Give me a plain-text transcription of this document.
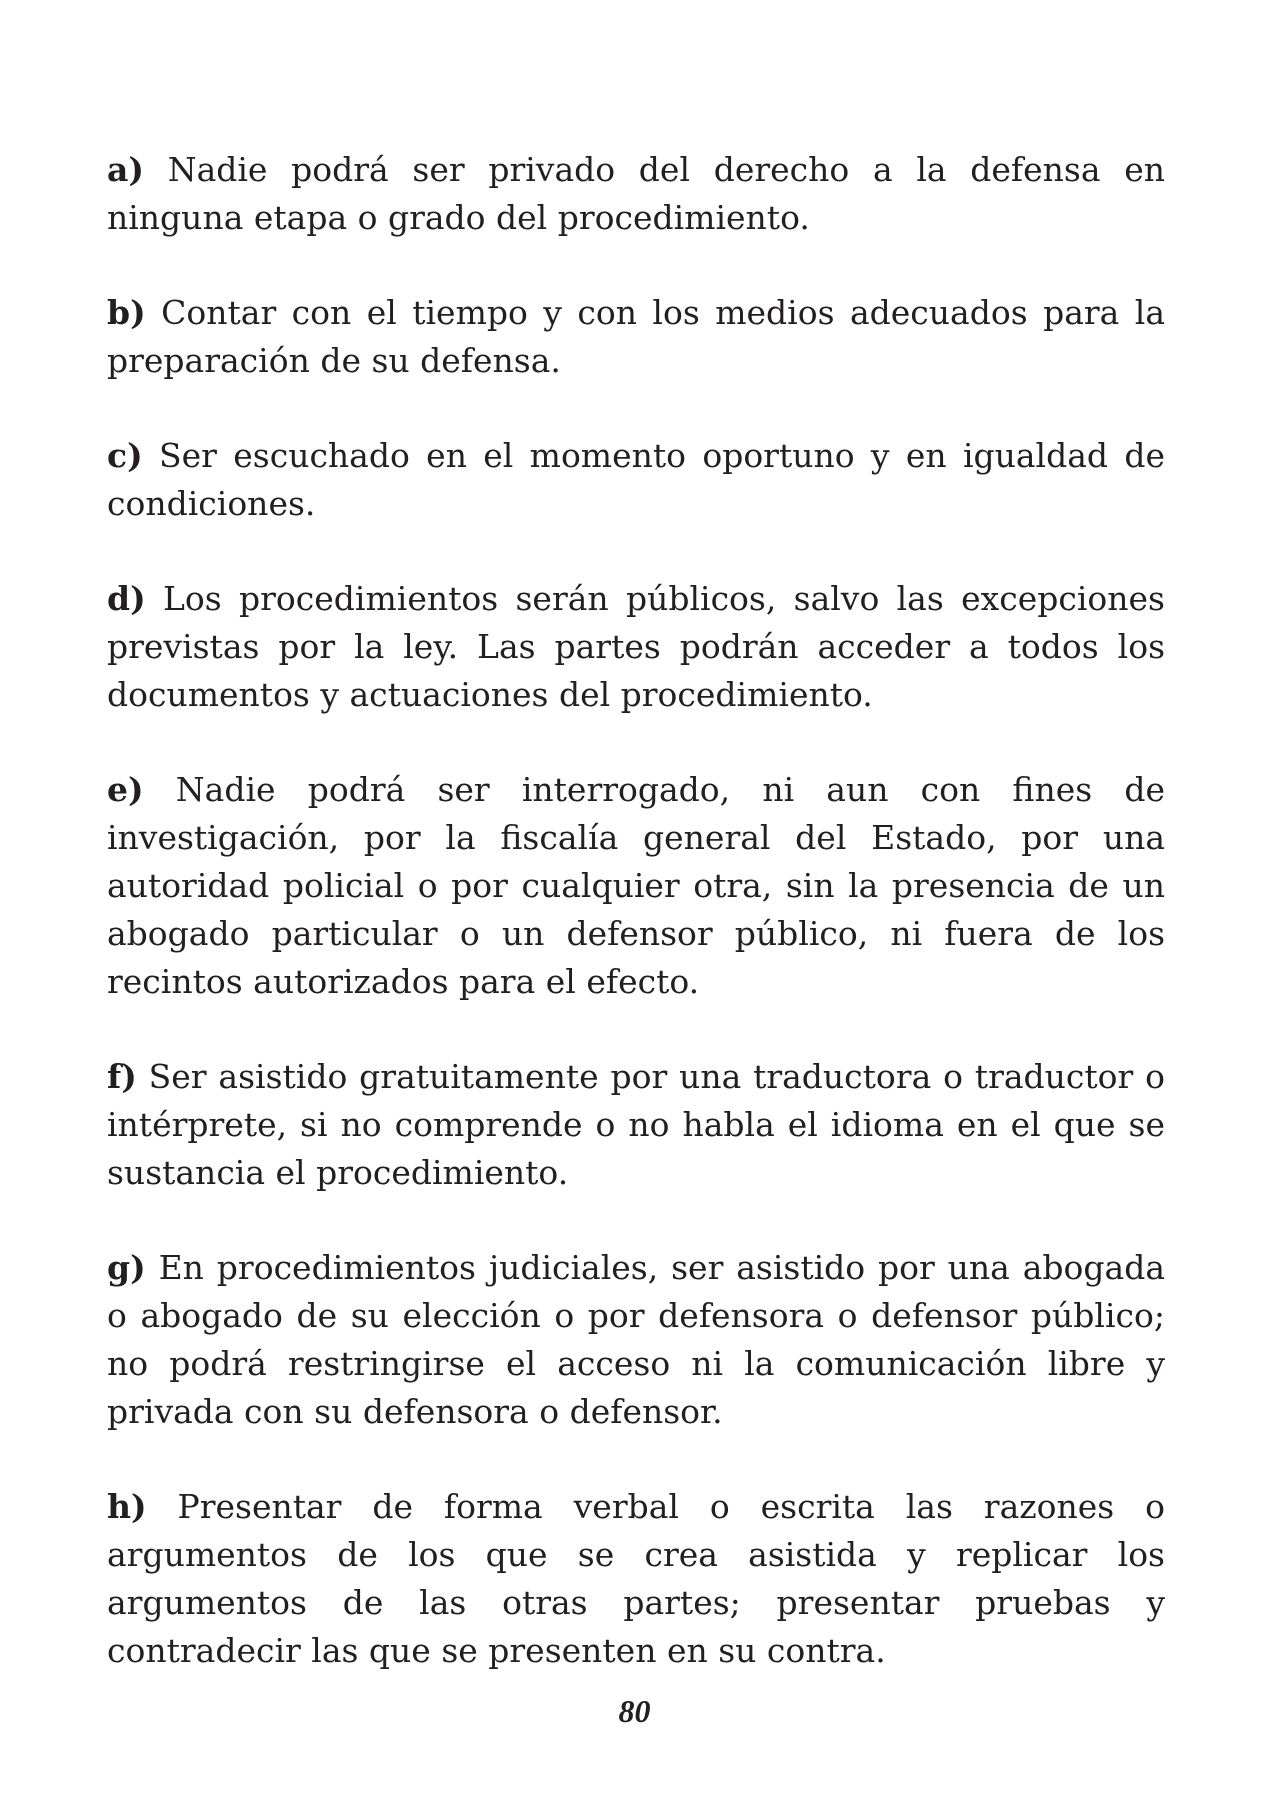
a) Nadie podrá ser privado del derecho a la defensa en ninguna etapa o grado del procedimiento.

b) Contar con el tiempo y con los medios adecuados para la preparación de su defensa.

c) Ser escuchado en el momento oportuno y en igualdad de condiciones.

d) Los procedimientos serán públicos, salvo las excepciones previstas por la ley. Las partes podrán acceder a todos los documentos y actuaciones del procedimiento.

e) Nadie podrá ser interrogado, ni aun con fines de investigación, por la fiscalía general del Estado, por una autoridad policial o por cualquier otra, sin la presencia de un abogado particular o un defensor público, ni fuera de los recintos autorizados para el efecto.

f) Ser asistido gratuitamente por una traductora o traductor o intérprete, si no comprende o no habla el idioma en el que se sustancia el procedimiento.

g) En procedimientos judiciales, ser asistido por una abogada o abogado de su elección o por defensora o defensor público; no podrá restringirse el acceso ni la comunicación libre y privada con su defensora o defensor.

h) Presentar de forma verbal o escrita las razones o argumentos de los que se crea asistida y replicar los argumentos de las otras partes; presentar pruebas y contradecir las que se presenten en su contra.

80
